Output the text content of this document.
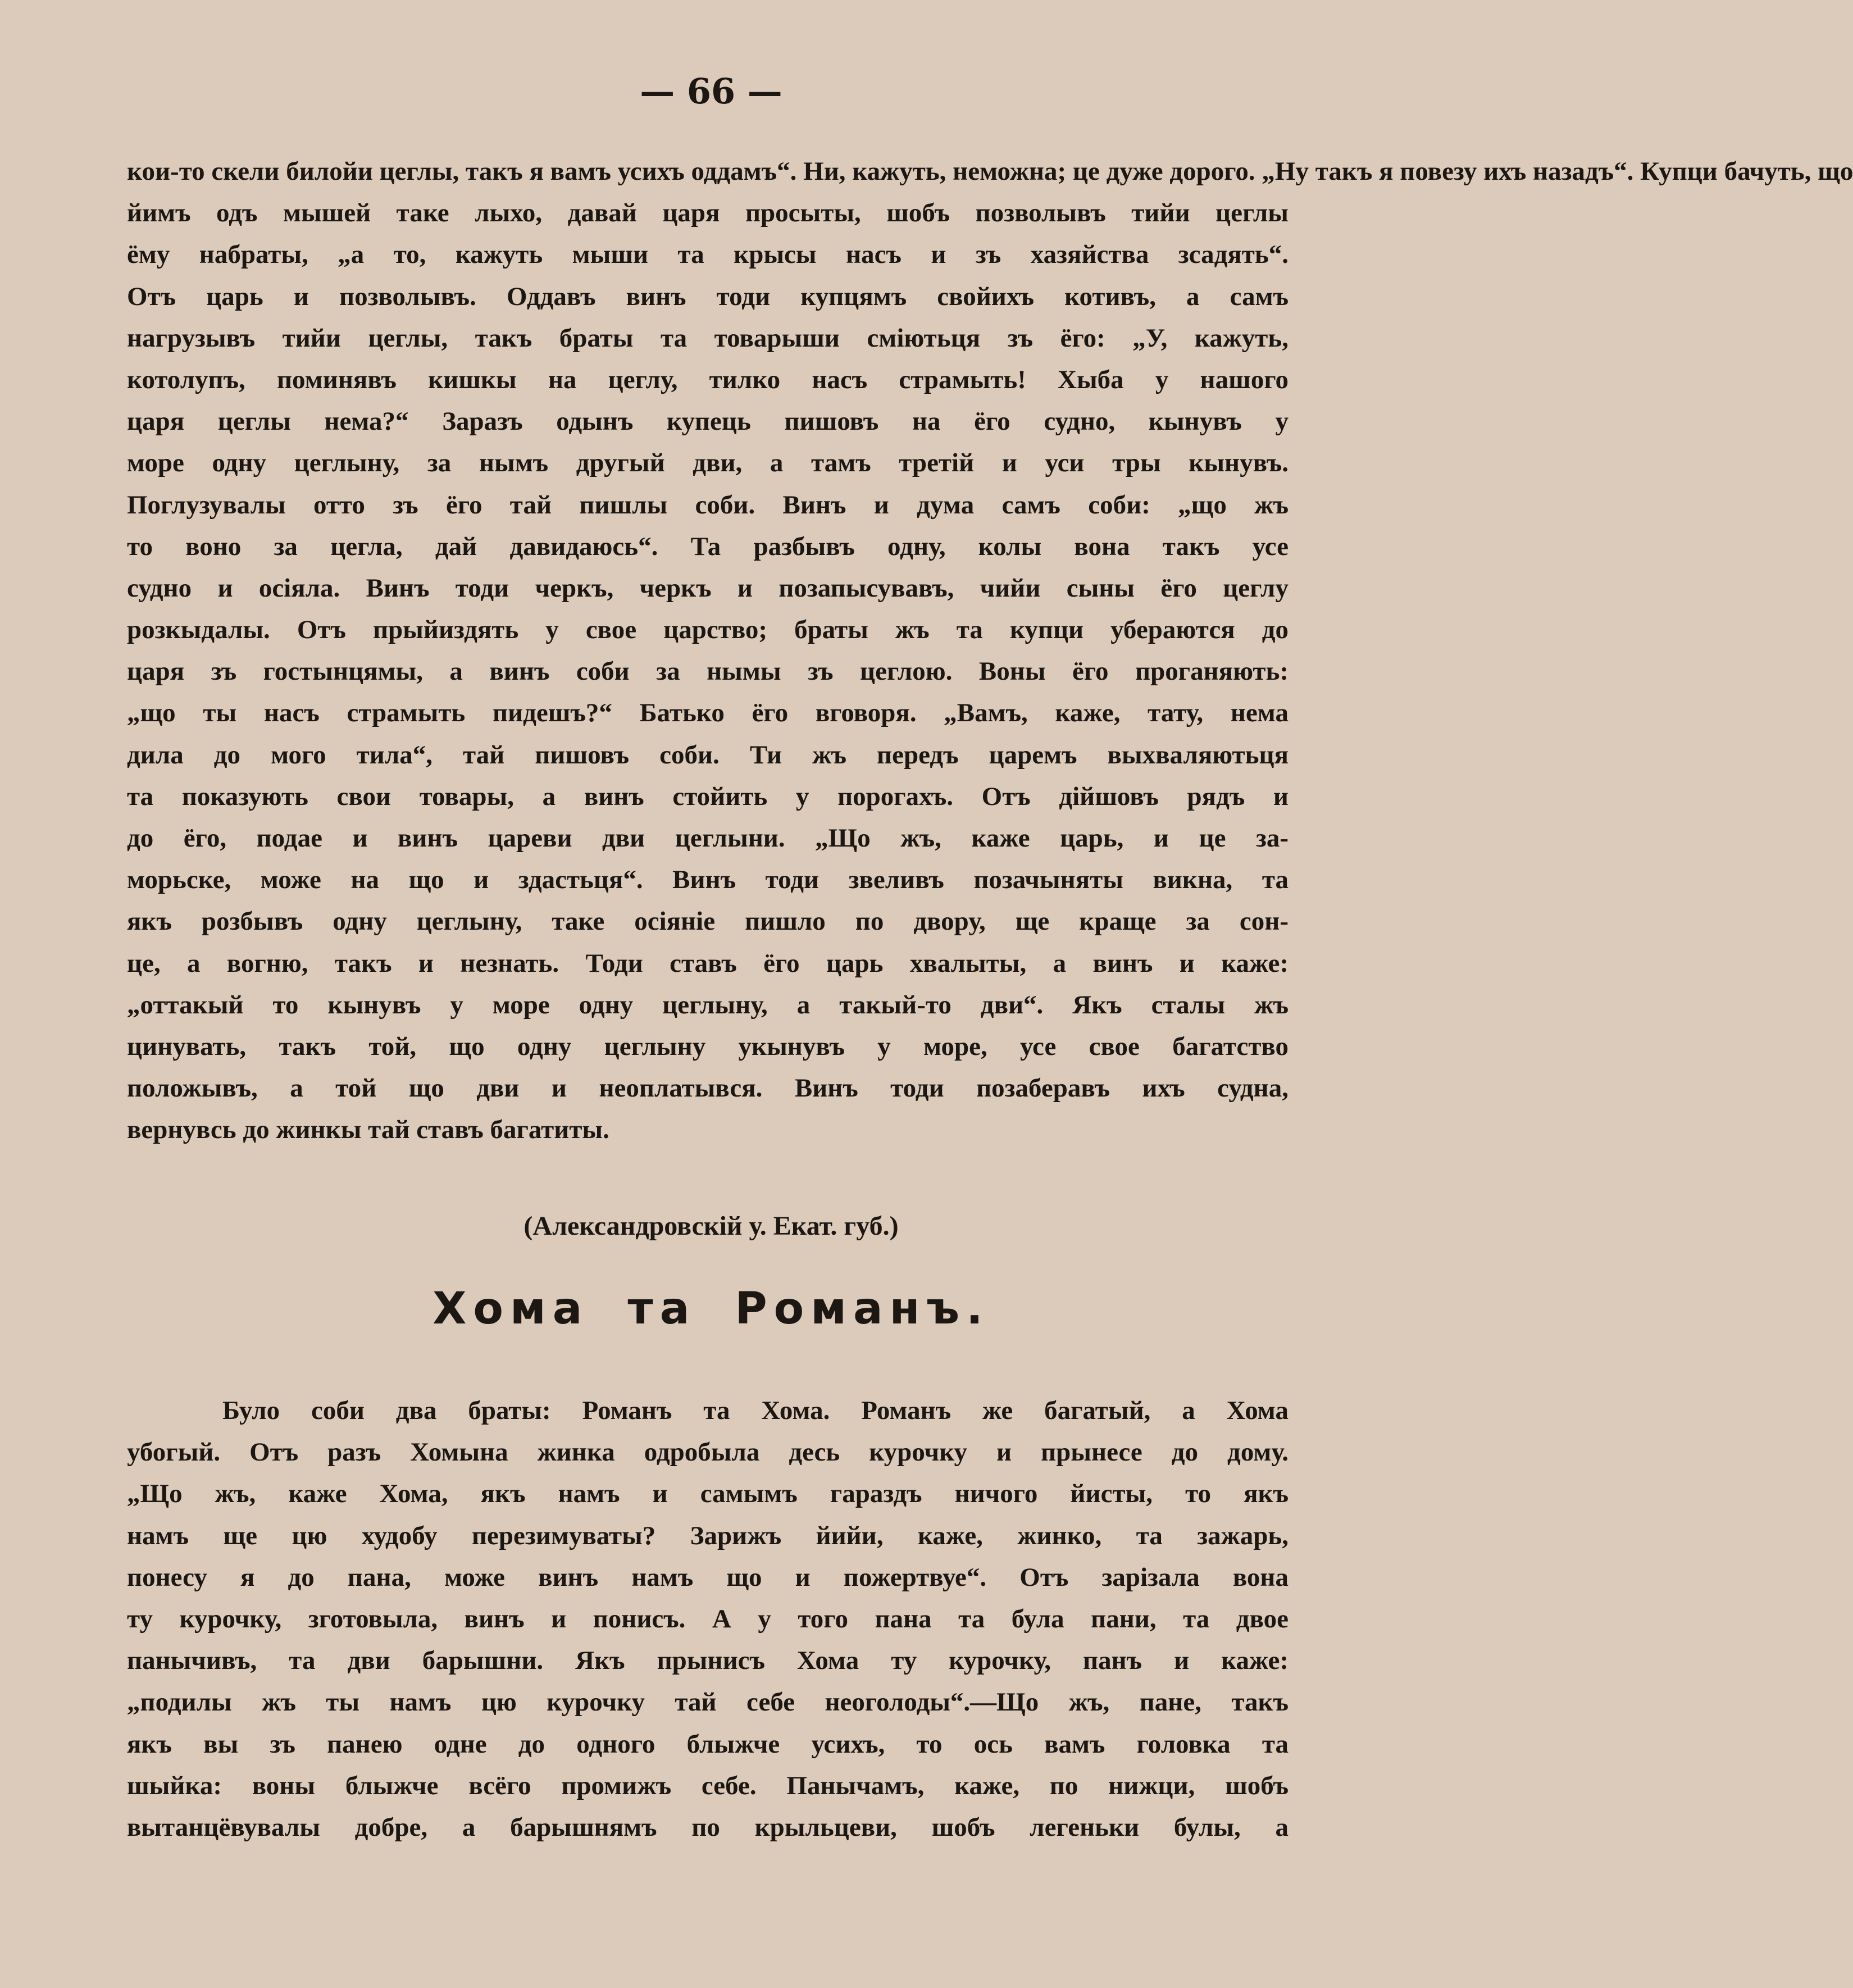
— 66 —
кои-то скели билойи цеглы, такъ я вамъ усихъ оддамъ“. Ни, кажуть, неможна; це дуже дорого. „Ну такъ я повезу ихъ назадъ“. Купци бачуть, що
йимъ одъ мышей таке лыхо, давай царя просыты, шобъ позволывъ тийи цеглы
ёму набраты, „а то, кажуть мыши та крысы насъ и зъ хазяйства зсадять“.
Отъ царь и позволывъ. Оддавъ винъ тоди купцямъ свойихъ котивъ, а самъ
нагрузывъ тийи цеглы, такъ браты та товарыши сміютьця зъ ёго: „У, кажуть,
котолупъ, поминявъ кишкы на цеглу, тилко насъ страмыть! Хыба у нашого
царя цеглы нема?“ Заразъ одынъ купець пишовъ на ёго судно, кынувъ у
море одну цеглыну, за нымъ другый дви, а тамъ третій и уси тры кынувъ.
Поглузувалы отто зъ ёго тай пишлы соби. Винъ и думa самъ соби: „що жъ
то воно за цегла, дай давидаюсь“. Та разбывъ одну, колы вона такъ усе
судно и осіяла. Винъ тоди черкъ, черкъ и позапысувавъ, чийи сыны ёго цеглу
розкыдалы. Отъ прыйиздять у свое царство; браты жъ та купци убераются до
царя зъ гостынцямы, а винъ соби за нымы зъ цеглою. Воны ёго проганяють:
„що ты насъ страмыть пидешъ?“ Батько ёго вговоря. „Вамъ, каже, тату, нема
дила до мого тила“, тай пишовъ соби. Ти жъ передъ царемъ выхваляютьця
та показують свои товары, а винъ стойить у порогахъ. Отъ дійшовъ рядъ и
до ёго, подае и винъ цареви дви цеглыни. „Що жъ, каже царь, и це за-
морьске, може на що и здастьця“. Винъ тоди звеливъ позачыняты викна, та
якъ розбывъ одну цеглыну, таке осіяніе пишло по двору, ще краще за сон-
це, а вогню, такъ и незнать. Тоди ставъ ёго царь хвалыты, а винъ и каже:
„оттакый то кынувъ у море одну цеглыну, а такый-то дви“. Якъ сталы жъ
цинувать, такъ той, що одну цеглыну укынувъ у море, усе свое багатство
положывъ, а той що дви и неоплатывся. Винъ тоди позаберавъ ихъ судна,
вернувсь до жинкы тай ставъ багатиты.
(Александровскій у. Екат. губ.)
Хома та Романъ.
Було соби два браты: Романъ та Хома. Романъ же багатый, а Хома
убогый. Отъ разъ Хомына жинка одробыла десь курочку и прынесе до дому.
„Що жъ, каже Хома, якъ намъ и самымъ гараздъ ничого йисты, то якъ
намъ ще цю худобу перезимуваты? Зарижъ йийи, каже, жинко, та зажарь,
понесу я до пана, може винъ намъ що и пожертвуе“. Отъ зарізала вона
ту курочку, зготовыла, винъ и понисъ. А у того пана та була пани, та двое
панычивъ, та дви барышни. Якъ прынисъ Хома ту курочку, панъ и каже:
„подилы жъ ты намъ цю курочку тай себе неоголоды“.—Що жъ, пане, такъ
якъ вы зъ панею одне до одного блыжче усихъ, то ось вамъ головка та
шыйка: воны блыжче всёго промижъ себе. Панычамъ, каже, по нижци, шобъ
вытанцёвувалы добре, а барышнямъ по крыльцеви, шобъ легеньки булы, а
